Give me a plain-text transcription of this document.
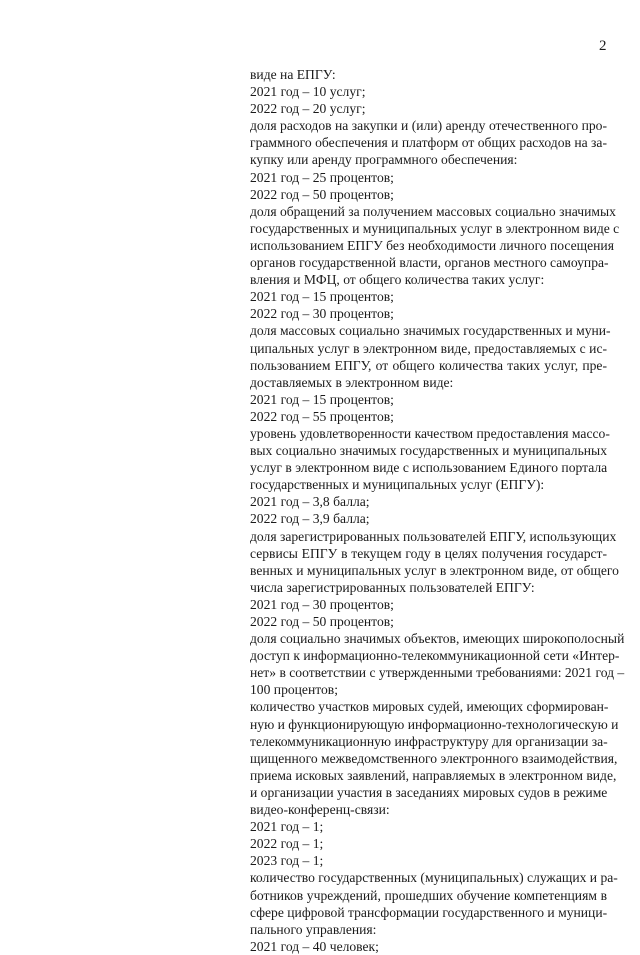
2
виде на ЕПГУ:
2021 год – 10 услуг;
2022 год – 20 услуг;
доля расходов на закупки и (или) аренду отечественного про-
граммного обеспечения и платформ от общих расходов на за-
купку или аренду программного обеспечения:
2021 год – 25 процентов;
2022 год – 50 процентов;
доля обращений за получением массовых социально значимых
государственных и муниципальных услуг в электронном виде с
использованием ЕПГУ без необходимости личного посещения
органов государственной власти, органов местного самоупра-
вления и МФЦ, от общего количества таких услуг:
2021 год – 15 процентов;
2022 год – 30 процентов;
доля массовых социально значимых государственных и муни-
ципальных услуг в электронном виде, предоставляемых с ис-
пользованием ЕПГУ, от общего количества таких услуг, пре-
доставляемых в электронном виде:
2021 год – 15 процентов;
2022 год – 55 процентов;
уровень удовлетворенности качеством предоставления массо-
вых социально значимых государственных и муниципальных
услуг в электронном виде с использованием Единого портала
государственных и муниципальных услуг (ЕПГУ):
2021 год – 3,8 балла;
2022 год – 3,9 балла;
доля зарегистрированных пользователей ЕПГУ, использующих
сервисы ЕПГУ в текущем году в целях получения государст-
венных и муниципальных услуг в электронном виде, от общего
числа зарегистрированных пользователей ЕПГУ:
2021 год – 30 процентов;
2022 год – 50 процентов;
доля социально значимых объектов, имеющих широкополосный
доступ к информационно-телекоммуникационной сети «Интер-
нет» в соответствии с утвержденными требованиями: 2021 год –
100 процентов;
количество участков мировых судей, имеющих сформирован-
ную и функционирующую информационно-технологическую и
телекоммуникационную инфраструктуру для организации за-
щищенного межведомственного электронного взаимодействия,
приема исковых заявлений, направляемых в электронном виде,
и организации участия в заседаниях мировых судов в режиме
видео-конференц-связи:
2021 год – 1;
2022 год – 1;
2023 год – 1;
количество государственных (муниципальных) служащих и ра-
ботников учреждений, прошедших обучение компетенциям в
сфере цифровой трансформации государственного и муници-
пального управления:
2021 год – 40 человек;
